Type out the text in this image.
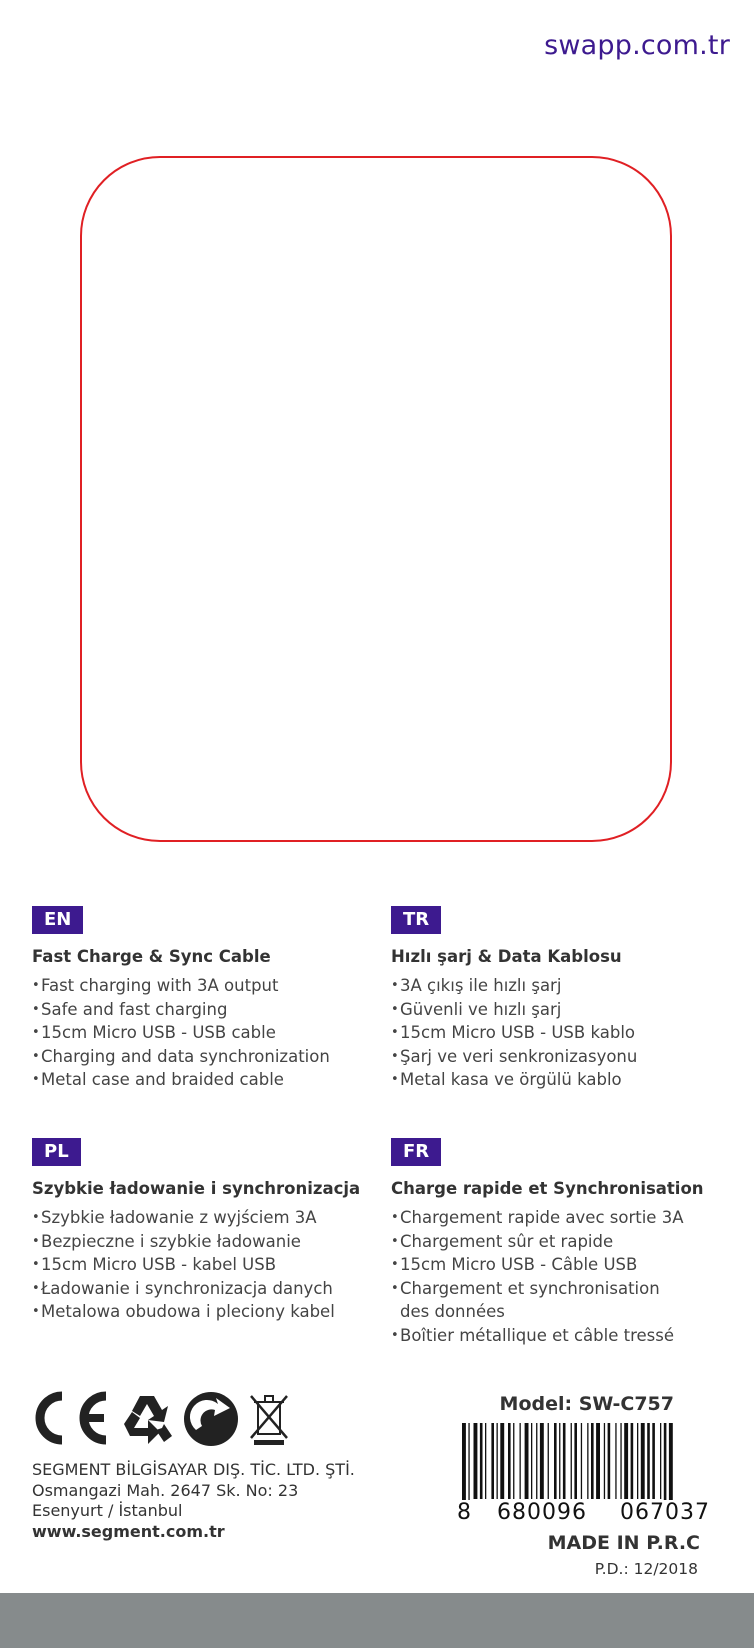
swapp.com.tr
EN
Fast Charge & Sync Cable
• Fast charging with 3A output
• Safe and fast charging
• 15cm Micro USB - USB cable
• Charging and data synchronization
• Metal case and braided cable
TR
Hızlı şarj & Data Kablosu
• 3A çıkış ile hızlı şarj
• Güvenli ve hızlı şarj
• 15cm Micro USB - USB kablo
• Şarj ve veri senkronizasyonu
• Metal kasa ve örgülü kablo
PL
Szybkie ładowanie i synchronizacja
• Szybkie ładowanie z wyjściem 3A
• Bezpieczne i szybkie ładowanie
• 15cm Micro USB - kabel USB
• Ładowanie i synchronizacja danych
• Metalowa obudowa i pleciony kabel
FR
Charge rapide et Synchronisation
• Chargement rapide avec sortie 3A
• Chargement sûr et rapide
• 15cm Micro USB - Câble USB
• Chargement et synchronisation
des données
• Boîtier métallique et câble tressé
SEGMENT BİLGİSAYAR DIŞ. TİC. LTD. ŞTİ.
Osmangazi Mah. 2647 Sk. No: 23
Esenyurt / İstanbul
www.segment.com.tr
Model: SW-C757
8 680096 067037
MADE IN P.R.C
P.D.: 12/2018
